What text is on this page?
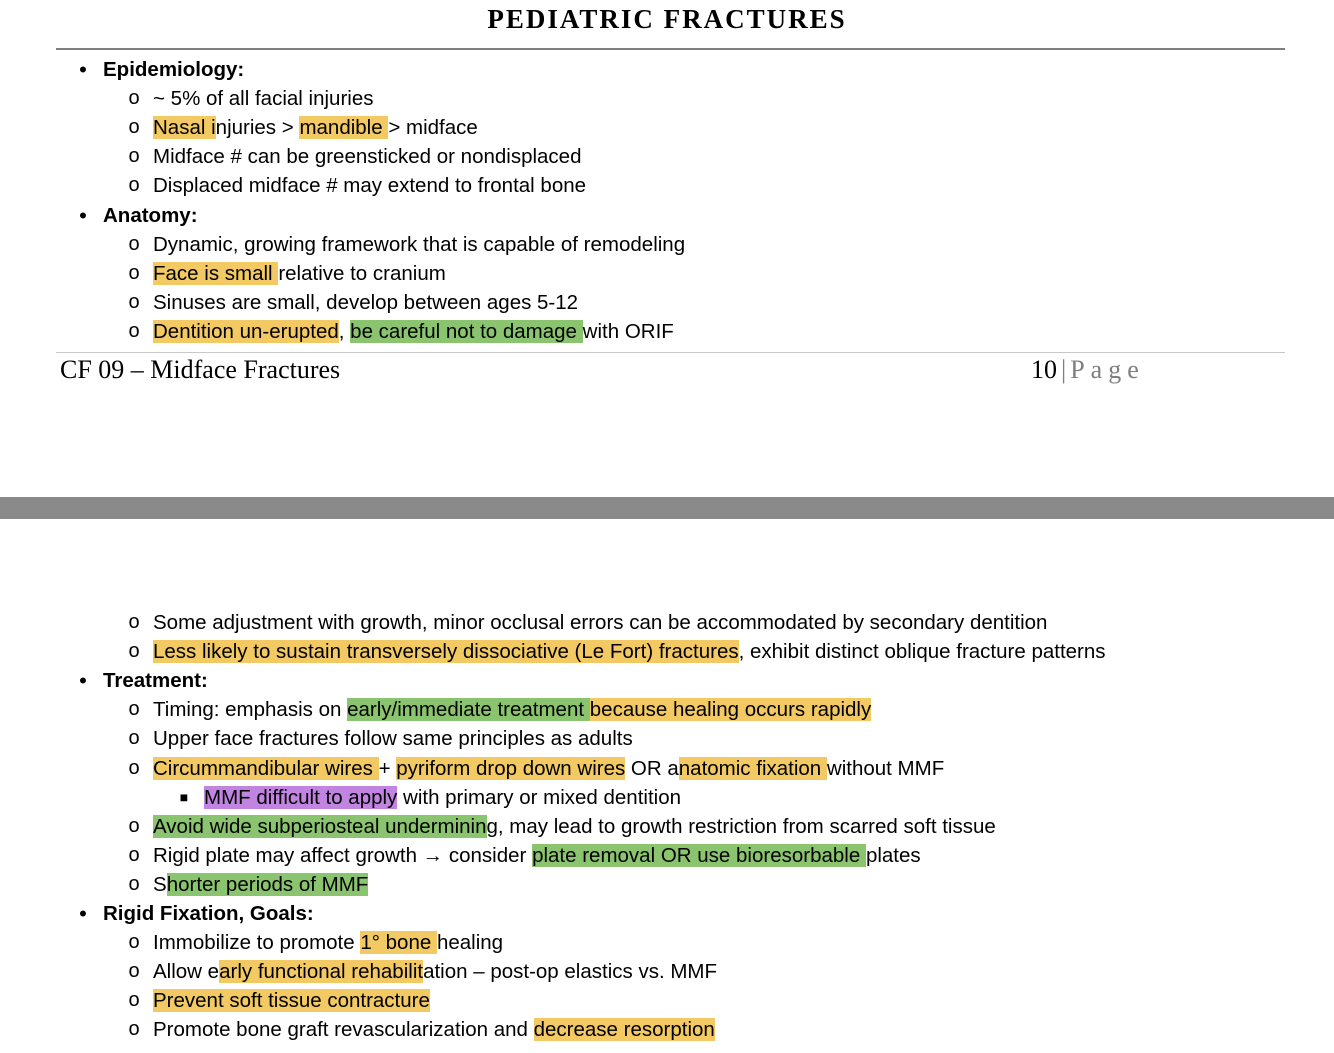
PEDIATRIC FRACTURES
• Epidemiology:
o ~ 5% of all facial injuries
o Nasal injuries > mandible > midface
o Midface # can be greensticked or nondisplaced
o Displaced midface # may extend to frontal bone
• Anatomy:
o Dynamic, growing framework that is capable of remodeling
o Face is small relative to cranium
o Sinuses are small, develop between ages 5-12
o Dentition un-erupted, be careful not to damage with ORIF
CF 09 – Midface Fractures	10 | Page
o Some adjustment with growth, minor occlusal errors can be accommodated by secondary dentition
o Less likely to sustain transversely dissociative (Le Fort) fractures, exhibit distinct oblique fracture patterns
• Treatment:
o Timing: emphasis on early/immediate treatment because healing occurs rapidly
o Upper face fractures follow same principles as adults
o Circummandibular wires + pyriform drop down wires OR anatomic fixation without MMF
■ MMF difficult to apply with primary or mixed dentition
o Avoid wide subperiosteal undermining, may lead to growth restriction from scarred soft tissue
o Rigid plate may affect growth → consider plate removal OR use bioresorbable plates
o Shorter periods of MMF
• Rigid Fixation, Goals:
o Immobilize to promote 1° bone healing
o Allow early functional rehabilitation – post-op elastics vs. MMF
o Prevent soft tissue contracture
o Promote bone graft revascularization and decrease resorption
